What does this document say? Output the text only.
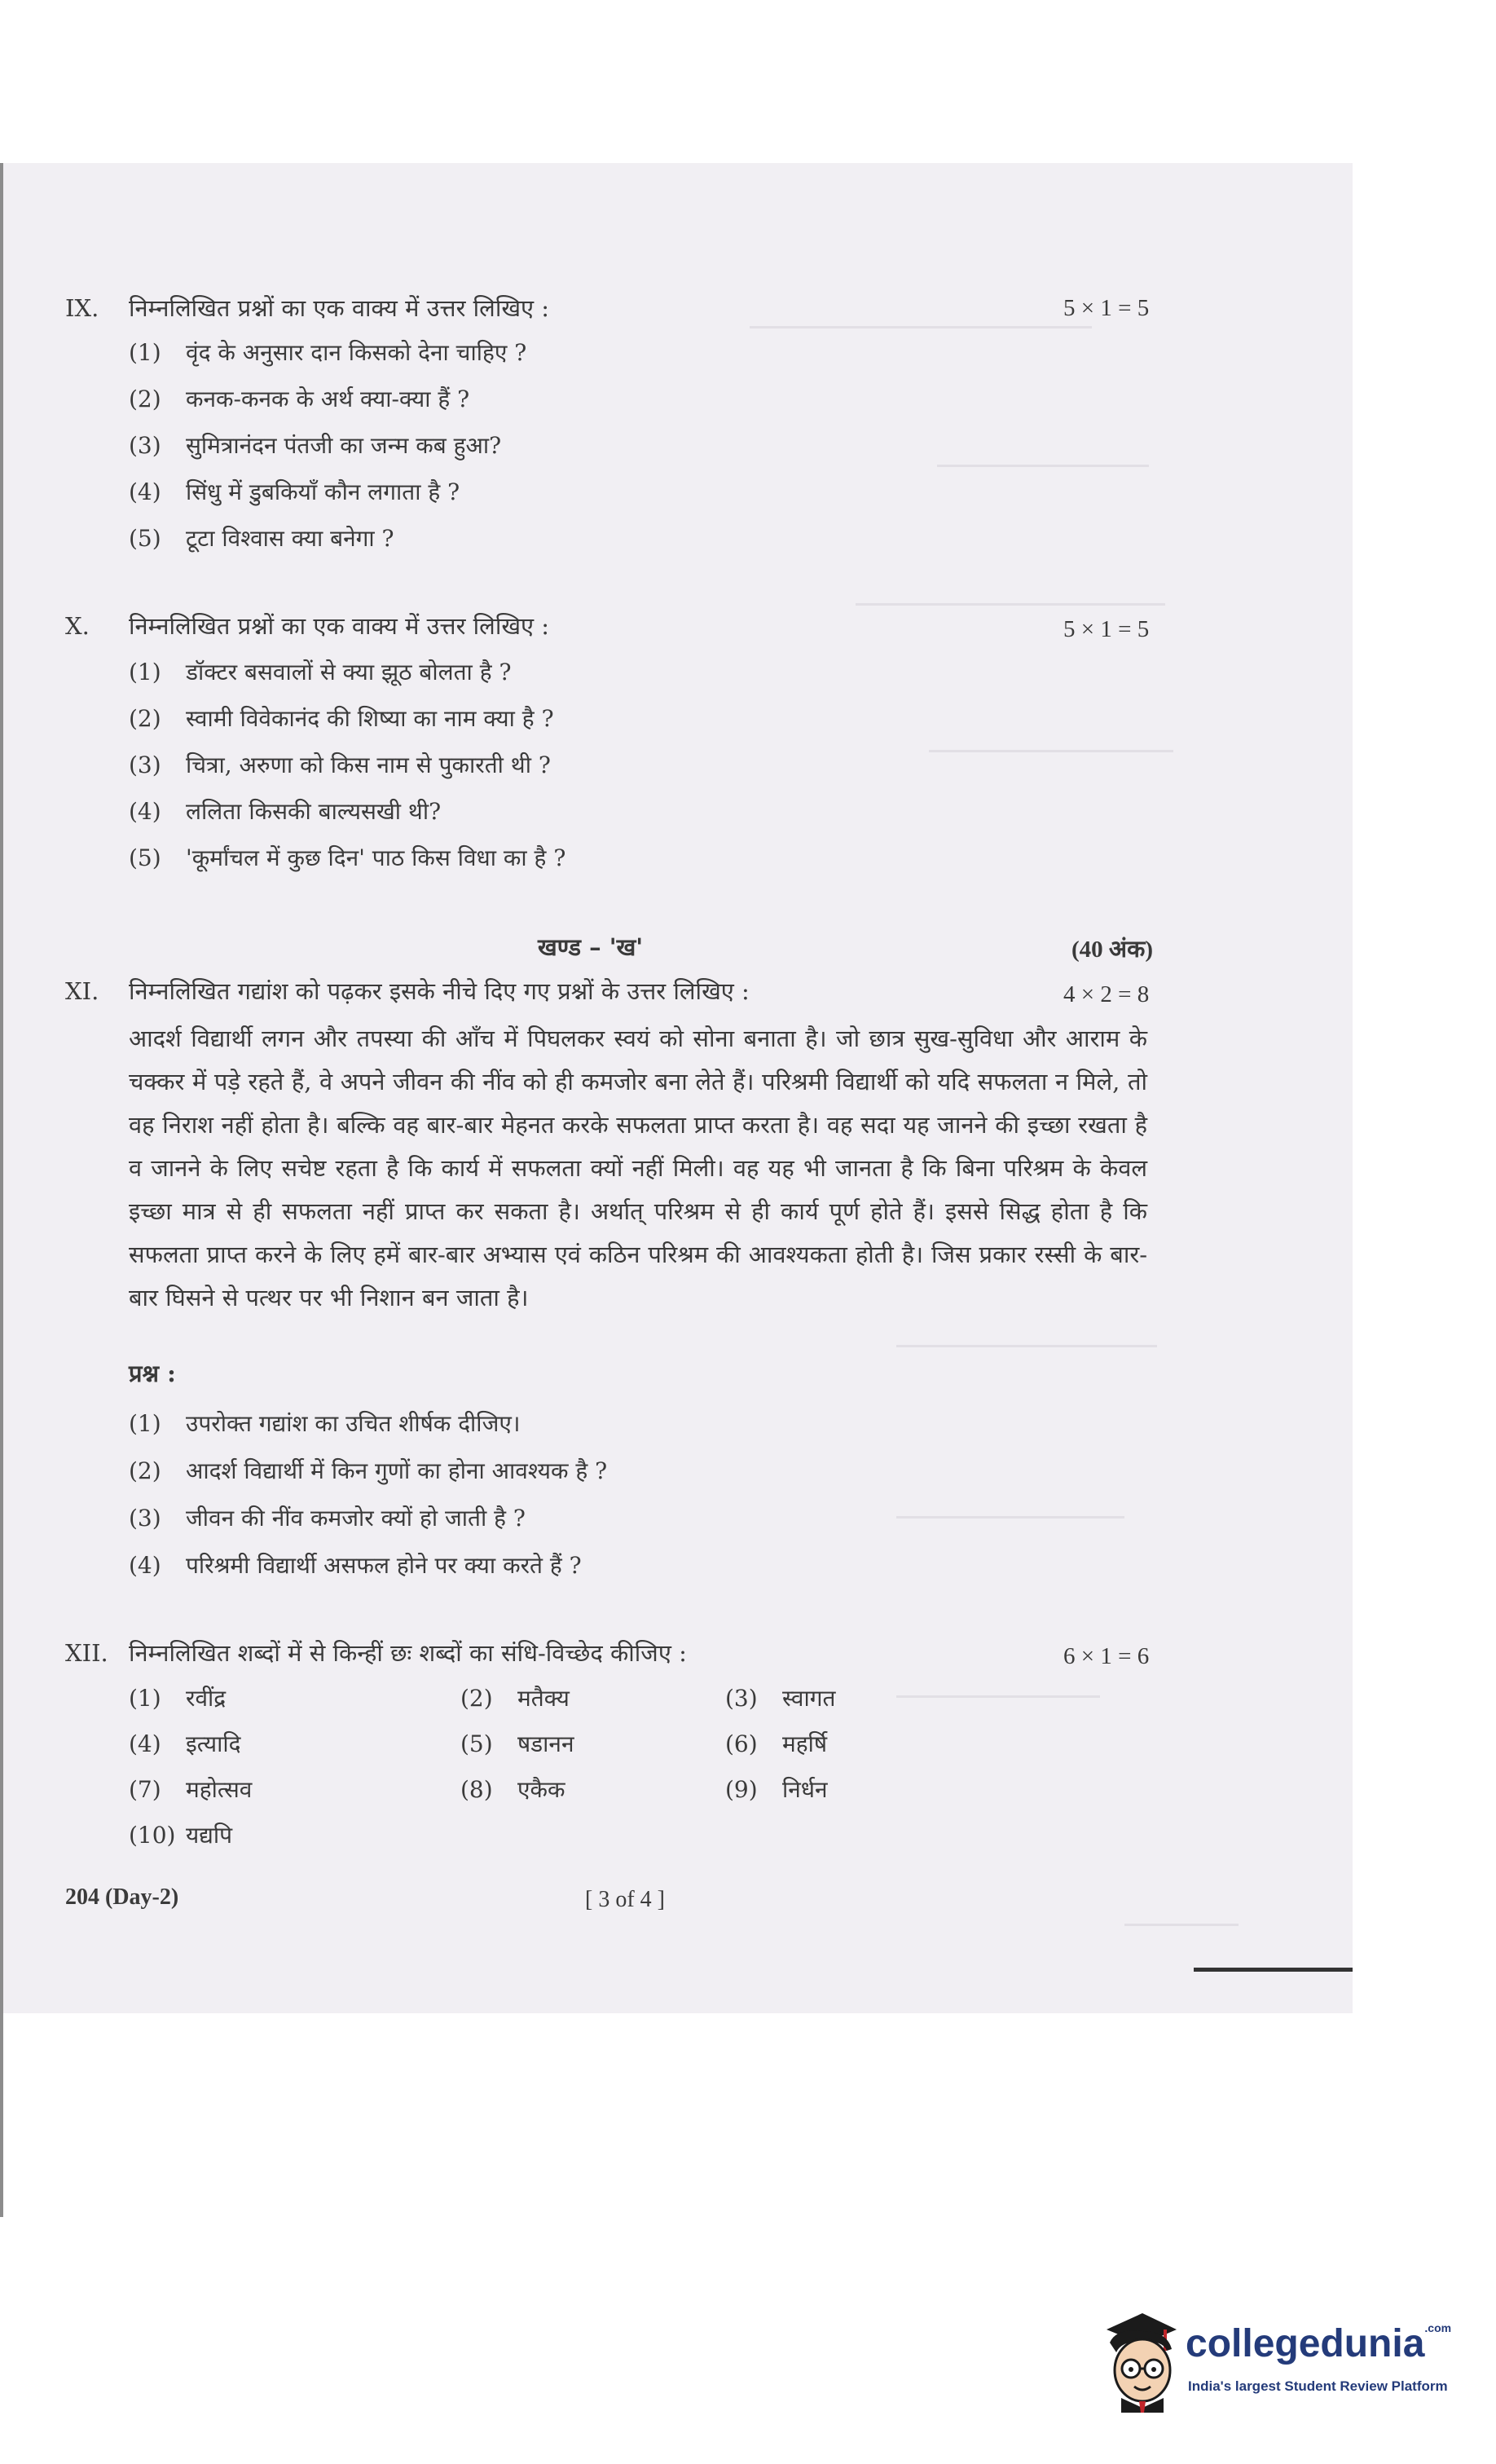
IX. निम्नलिखित प्रश्नों का एक वाक्य में उत्तर लिखिए :	5 × 1 = 5
(1) वृंद के अनुसार दान किसको देना चाहिए ?
(2) कनक-कनक के अर्थ क्या-क्या हैं ?
(3) सुमित्रानंदन पंतजी का जन्म कब हुआ?
(4) सिंधु में डुबकियाँ कौन लगाता है ?
(5) टूटा विश्वास क्या बनेगा ?
X. निम्नलिखित प्रश्नों का एक वाक्य में उत्तर लिखिए :	5 × 1 = 5
(1) डॉक्टर बसवालों से क्या झूठ बोलता है ?
(2) स्वामी विवेकानंद की शिष्या का नाम क्या है ?
(3) चित्रा, अरुणा को किस नाम से पुकारती थी ?
(4) ललिता किसकी बाल्यसखी थी?
(5) 'कूर्मांचल में कुछ दिन' पाठ किस विधा का है ?
खण्ड – 'ख'	(40 अंक)
XI. निम्नलिखित गद्यांश को पढ़कर इसके नीचे दिए गए प्रश्नों के उत्तर लिखिए :	4 × 2 = 8
आदर्श विद्यार्थी लगन और तपस्या की आँच में पिघलकर स्वयं को सोना बनाता है। जो छात्र सुख-सुविधा और आराम के चक्कर में पड़े रहते हैं, वे अपने जीवन की नींव को ही कमजोर बना लेते हैं। परिश्रमी विद्यार्थी को यदि सफलता न मिले, तो वह निराश नहीं होता है। बल्कि वह बार-बार मेहनत करके सफलता प्राप्त करता है। वह सदा यह जानने की इच्छा रखता है व जानने के लिए सचेष्ट रहता है कि कार्य में सफलता क्यों नहीं मिली। वह यह भी जानता है कि बिना परिश्रम के केवल इच्छा मात्र से ही सफलता नहीं प्राप्त कर सकता है। अर्थात् परिश्रम से ही कार्य पूर्ण होते हैं। इससे सिद्ध होता है कि सफलता प्राप्त करने के लिए हमें बार-बार अभ्यास एवं कठिन परिश्रम की आवश्यकता होती है। जिस प्रकार रस्सी के बार-बार घिसने से पत्थर पर भी निशान बन जाता है।
प्रश्न :
(1) उपरोक्त गद्यांश का उचित शीर्षक दीजिए।
(2) आदर्श विद्यार्थी में किन गुणों का होना आवश्यक है ?
(3) जीवन की नींव कमजोर क्यों हो जाती है ?
(4) परिश्रमी विद्यार्थी असफल होने पर क्या करते हैं ?
XII. निम्नलिखित शब्दों में से किन्हीं छः शब्दों का संधि-विच्छेद कीजिए :	6 × 1 = 6
(1) रवींद्र	(2) मतैक्य	(3) स्वागत
(4) इत्यादि	(5) षडानन	(6) महर्षि
(7) महोत्सव	(8) एकैक	(9) निर्धन
(10) यद्यपि
204 (Day-2)	[ 3 of 4 ]
collegedunia$^{.com}$
India's largest Student Review Platform
